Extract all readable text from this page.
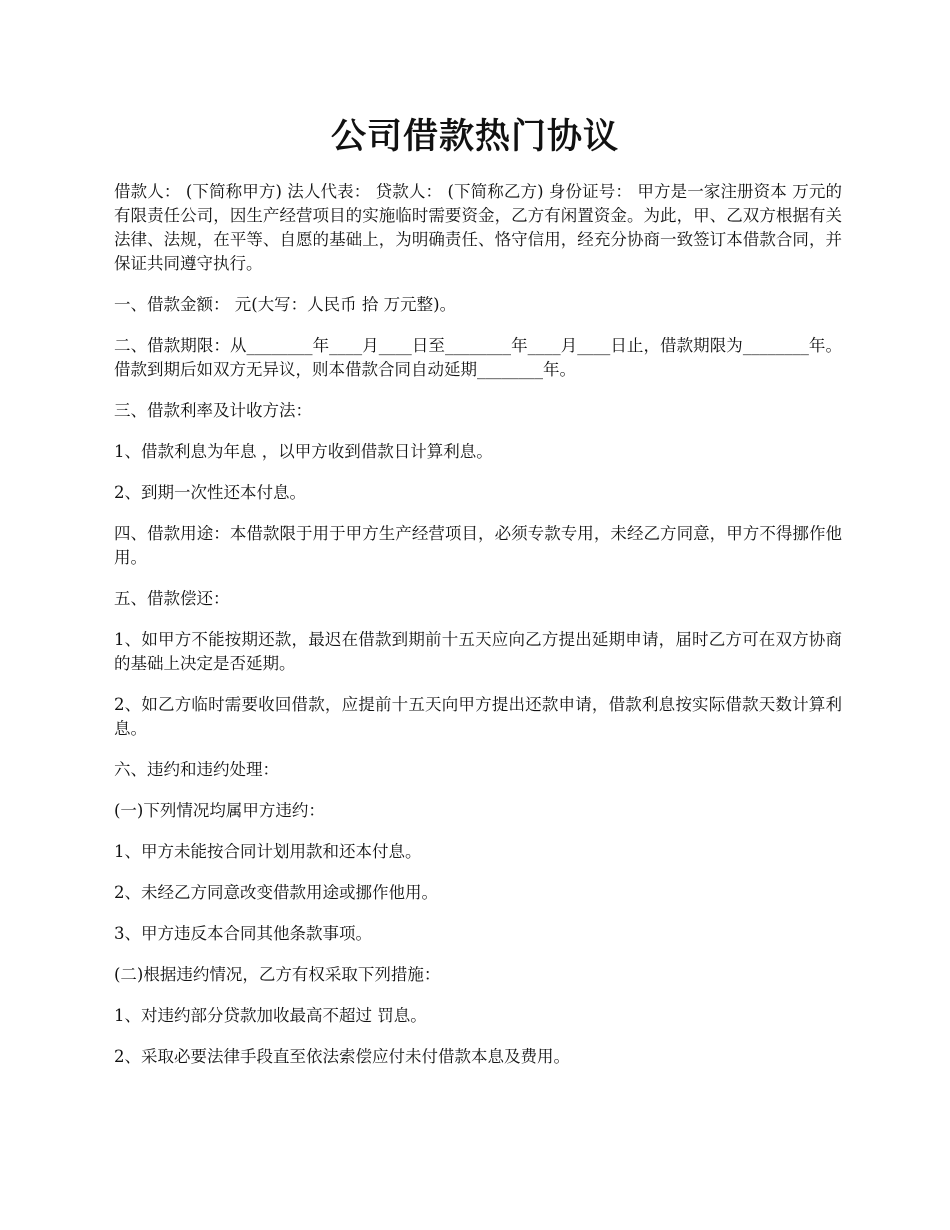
公司借款热门协议

借款人： (下简称甲方) 法人代表： 贷款人： (下简称乙方) 身份证号： 甲方是一家注册资本 万元的有限责任公司，因生产经营项目的实施临时需要资金，乙方有闲置资金。为此，甲、乙双方根据有关法律、法规，在平等、自愿的基础上，为明确责任、恪守信用，经充分协商一致签订本借款合同，并保证共同遵守执行。

一、借款金额： 元(大写：人民币 拾 万元整)。

二、借款期限：从________年____月____日至________年____月____日止，借款期限为________年。借款到期后如双方无异议，则本借款合同自动延期________年。

三、借款利率及计收方法：

1、借款利息为年息 ，以甲方收到借款日计算利息。

2、到期一次性还本付息。

四、借款用途：本借款限于用于甲方生产经营项目，必须专款专用，未经乙方同意，甲方不得挪作他用。

五、借款偿还：

1、如甲方不能按期还款，最迟在借款到期前十五天应向乙方提出延期申请，届时乙方可在双方协商的基础上决定是否延期。

2、如乙方临时需要收回借款，应提前十五天向甲方提出还款申请，借款利息按实际借款天数计算利息。

六、违约和违约处理：

(一)下列情况均属甲方违约：

1、甲方未能按合同计划用款和还本付息。

2、未经乙方同意改变借款用途或挪作他用。

3、甲方违反本合同其他条款事项。

(二)根据违约情况，乙方有权采取下列措施：

1、对违约部分贷款加收最高不超过 罚息。

2、采取必要法律手段直至依法索偿应付未付借款本息及费用。
